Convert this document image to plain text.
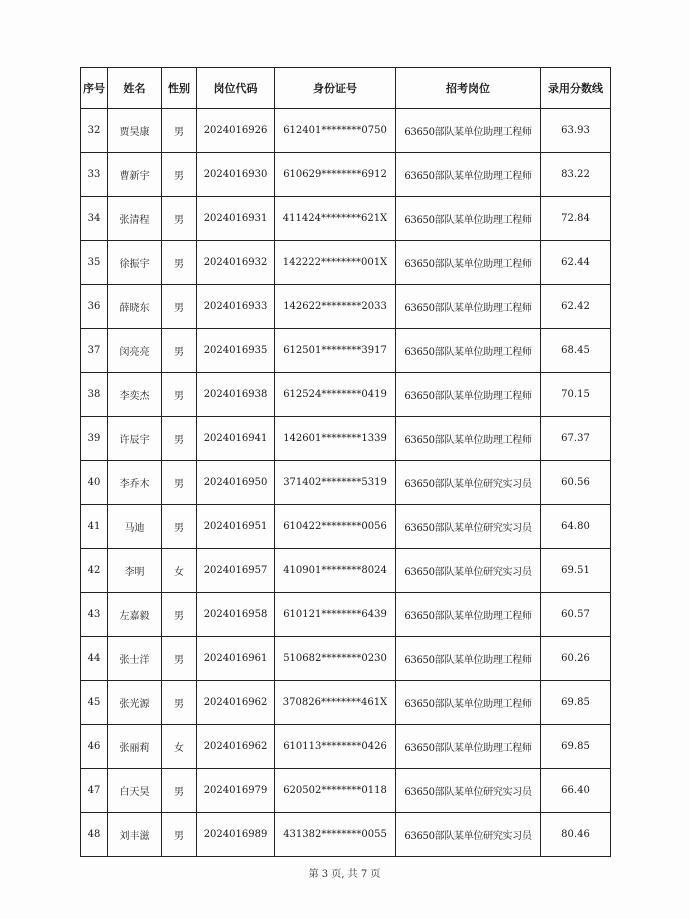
序号	姓名	性别	岗位代码	身份证号	招考岗位	录用分数线
32	贾昊康	男	2024016926	612401********0750	63650部队某单位助理工程师	63.93
33	曹新宇	男	2024016930	610629********6912	63650部队某单位助理工程师	83.22
34	张清程	男	2024016931	411424********621X	63650部队某单位助理工程师	72.84
35	徐振宇	男	2024016932	142222********001X	63650部队某单位助理工程师	62.44
36	薛晓东	男	2024016933	142622********2033	63650部队某单位助理工程师	62.42
37	闵亮亮	男	2024016935	612501********3917	63650部队某单位助理工程师	68.45
38	李奕杰	男	2024016938	612524********0419	63650部队某单位助理工程师	70.15
39	许辰宇	男	2024016941	142601********1339	63650部队某单位助理工程师	67.37
40	李乔木	男	2024016950	371402********5319	63650部队某单位研究实习员	60.56
41	马迪	男	2024016951	610422********0056	63650部队某单位研究实习员	64.80
42	李明	女	2024016957	410901********8024	63650部队某单位研究实习员	69.51
43	左嘉毅	男	2024016958	610121********6439	63650部队某单位助理工程师	60.57
44	张士洋	男	2024016961	510682********0230	63650部队某单位助理工程师	60.26
45	张光源	男	2024016962	370826********461X	63650部队某单位助理工程师	69.85
46	张丽莉	女	2024016962	610113********0426	63650部队某单位助理工程师	69.85
47	白天昊	男	2024016979	620502********0118	63650部队某单位研究实习员	66.40
48	刘丰滋	男	2024016989	431382********0055	63650部队某单位研究实习员	80.46
第 3 页, 共 7 页
